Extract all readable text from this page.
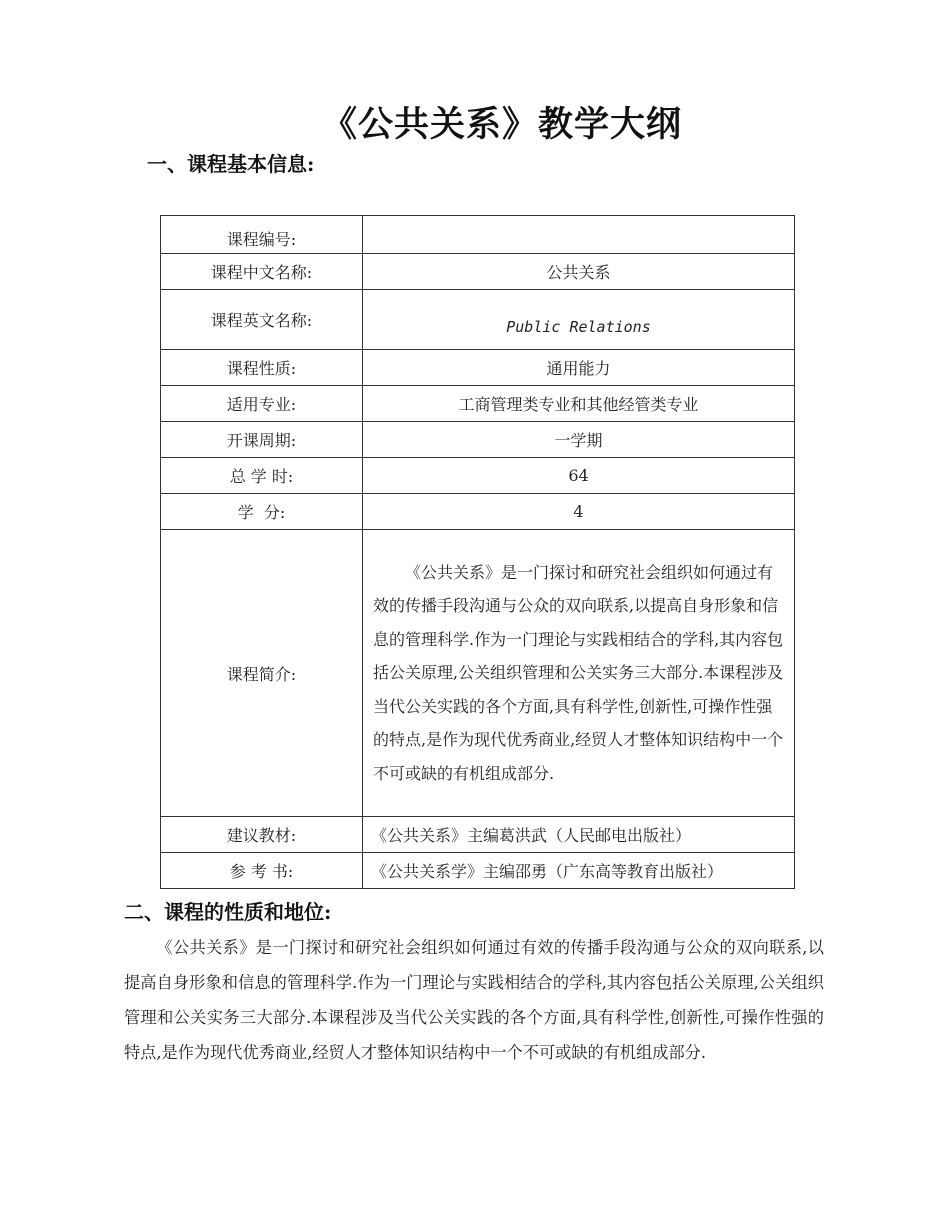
《公共关系》教学大纲
一、课程基本信息:
课程编号:	
课程中文名称:	公共关系
课程英文名称:	Public Relations

课程性质:	通用能力
适用专业:	工商管理类专业和其他经管类专业
开课周期:	一学期
总 学 时:	64
学  分:	4
课程简介:	《公共关系》是一门探讨和研究社会组织如何通过有效的传播手段沟通与公众的双向联系,以提高自身形象和信息的管理科学.作为一门理论与实践相结合的学科,其内容包括公关原理,公关组织管理和公关实务三大部分.本课程涉及当代公关实践的各个方面,具有科学性,创新性,可操作性强的特点,是作为现代优秀商业,经贸人才整体知识结构中一个不可或缺的有机组成部分.
建议教材:	《公共关系》主编葛洪武（人民邮电出版社）
参 考 书:	《公共关系学》主编邵勇（广东高等教育出版社）
二、课程的性质和地位:

《公共关系》是一门探讨和研究社会组织如何通过有效的传播手段沟通与公众的双向联系,以提高自身形象和信息的管理科学.作为一门理论与实践相结合的学科,其内容包括公关原理,公关组织管理和公关实务三大部分.本课程涉及当代公关实践的各个方面,具有科学性,创新性,可操作性强的特点,是作为现代优秀商业,经贸人才整体知识结构中一个不可或缺的有机组成部分.
